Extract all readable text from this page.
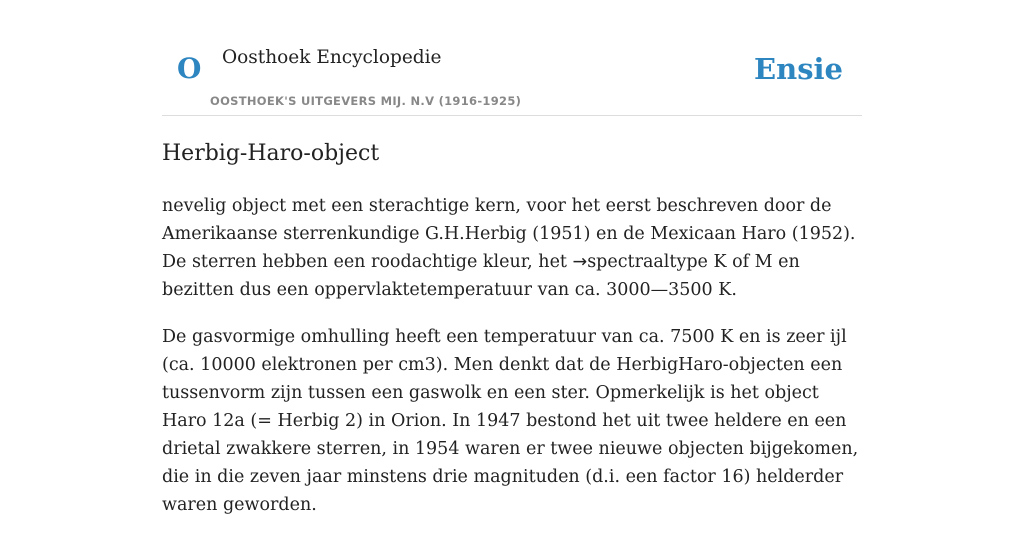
O Oosthoek Encyclopedie
OOSTHOEK'S UITGEVERS MIJ. N.V (1916-1925)
Ensie
Herbig-Haro-object

nevelig object met een sterachtige kern, voor het eerst beschreven door de Amerikaanse sterrenkundige G.H.Herbig (1951) en de Mexicaan Haro (1952). De sterren hebben een roodachtige kleur, het →spectraaltype K of M en bezitten dus een oppervlaktetemperatuur van ca. 3000—3500 K.

De gasvormige omhulling heeft een temperatuur van ca. 7500 K en is zeer ijl (ca. 10000 elektronen per cm3). Men denkt dat de HerbigHaro-objecten een tussenvorm zijn tussen een gaswolk en een ster. Opmerkelijk is het object Haro 12a (= Herbig 2) in Orion. In 1947 bestond het uit twee heldere en een drietal zwakkere sterren, in 1954 waren er twee nieuwe objecten bijgekomen, die in die zeven jaar minstens drie magnituden (d.i. een factor 16) helderder waren geworden.
